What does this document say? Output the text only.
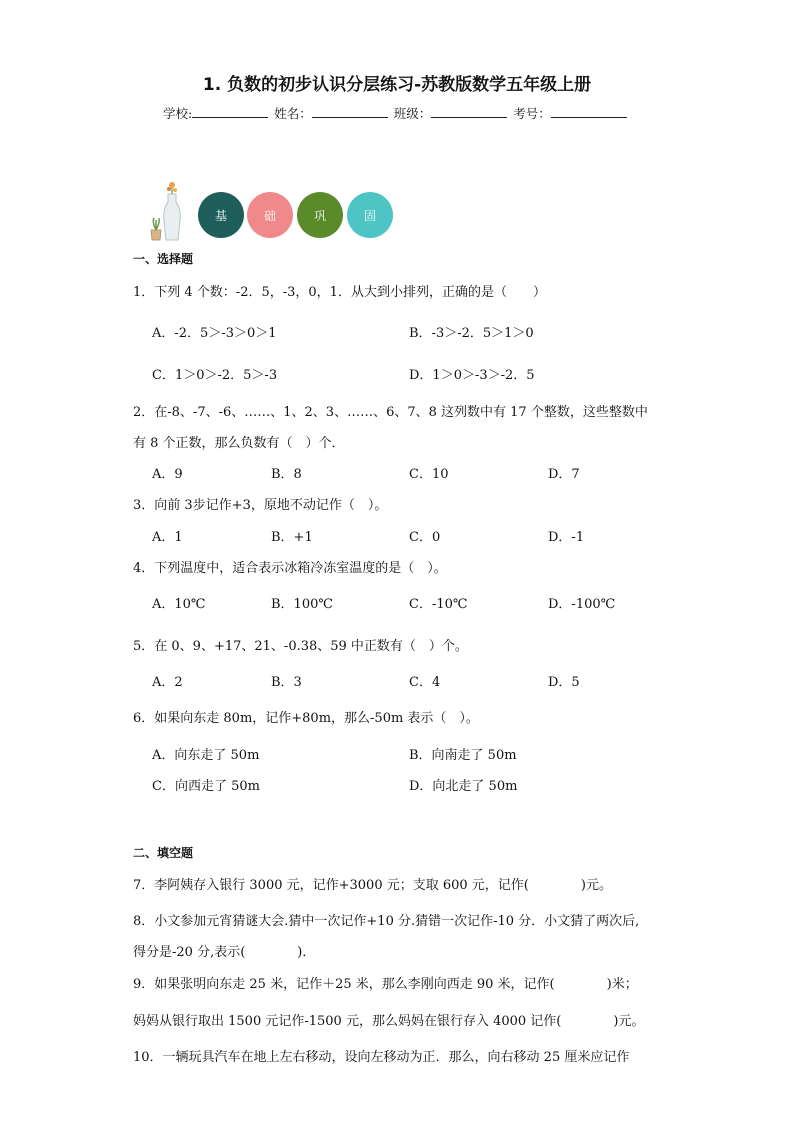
1. 负数的初步认识分层练习-苏教版数学五年级上册
学校:	姓名：	班级：	考号：
基	础	巩	固
一、选择题
1．下列 4 个数：-2．5，-3，0，1．从大到小排列，正确的是（　　）
A．-2．5＞-3＞0＞1	B．-3＞-2．5＞1＞0
C．1＞0＞-2．5＞-3	D．1＞0＞-3＞-2．5
2．在-8、-7、-6、……、1、2、3、……、6、7、8 这列数中有 17 个整数，这些整数中
有 8 个正数，那么负数有（　）个．
A．9	B．8	C．10	D．7
3．向前 3步记作+3，原地不动记作（　）。
A．1	B．+1	C．0	D．-1
4．下列温度中，适合表示冰箱冷冻室温度的是（　）。
A．10℃	B．100℃	C．-10℃	D．-100℃
5．在 0、9、+17、21、-0.38、59 中正数有（　）个。
A．2	B．3	C．4	D．5
6．如果向东走 80m，记作+80m，那么-50m 表示（　）。
A．向东走了 50m	B．向南走了 50m
C．向西走了 50m	D．向北走了 50m
二、填空题
7．李阿姨存入银行 3000 元，记作+3000 元；支取 600 元，记作(　　　　)元。
8．小文参加元宵猜谜大会.猜中一次记作+10 分.猜错一次记作-10 分．小文猜了两次后,
得分是-20 分,表示(　　　　)．
9．如果张明向东走 25 米，记作＋25 米，那么李刚向西走 90 米，记作(　　　　)米；
妈妈从银行取出 1500 元记作-1500 元，那么妈妈在银行存入 4000 记作(　　　　)元。
10．一辆玩具汽车在地上左右移动，设向左移动为正．那么，向右移动 25 厘米应记作
